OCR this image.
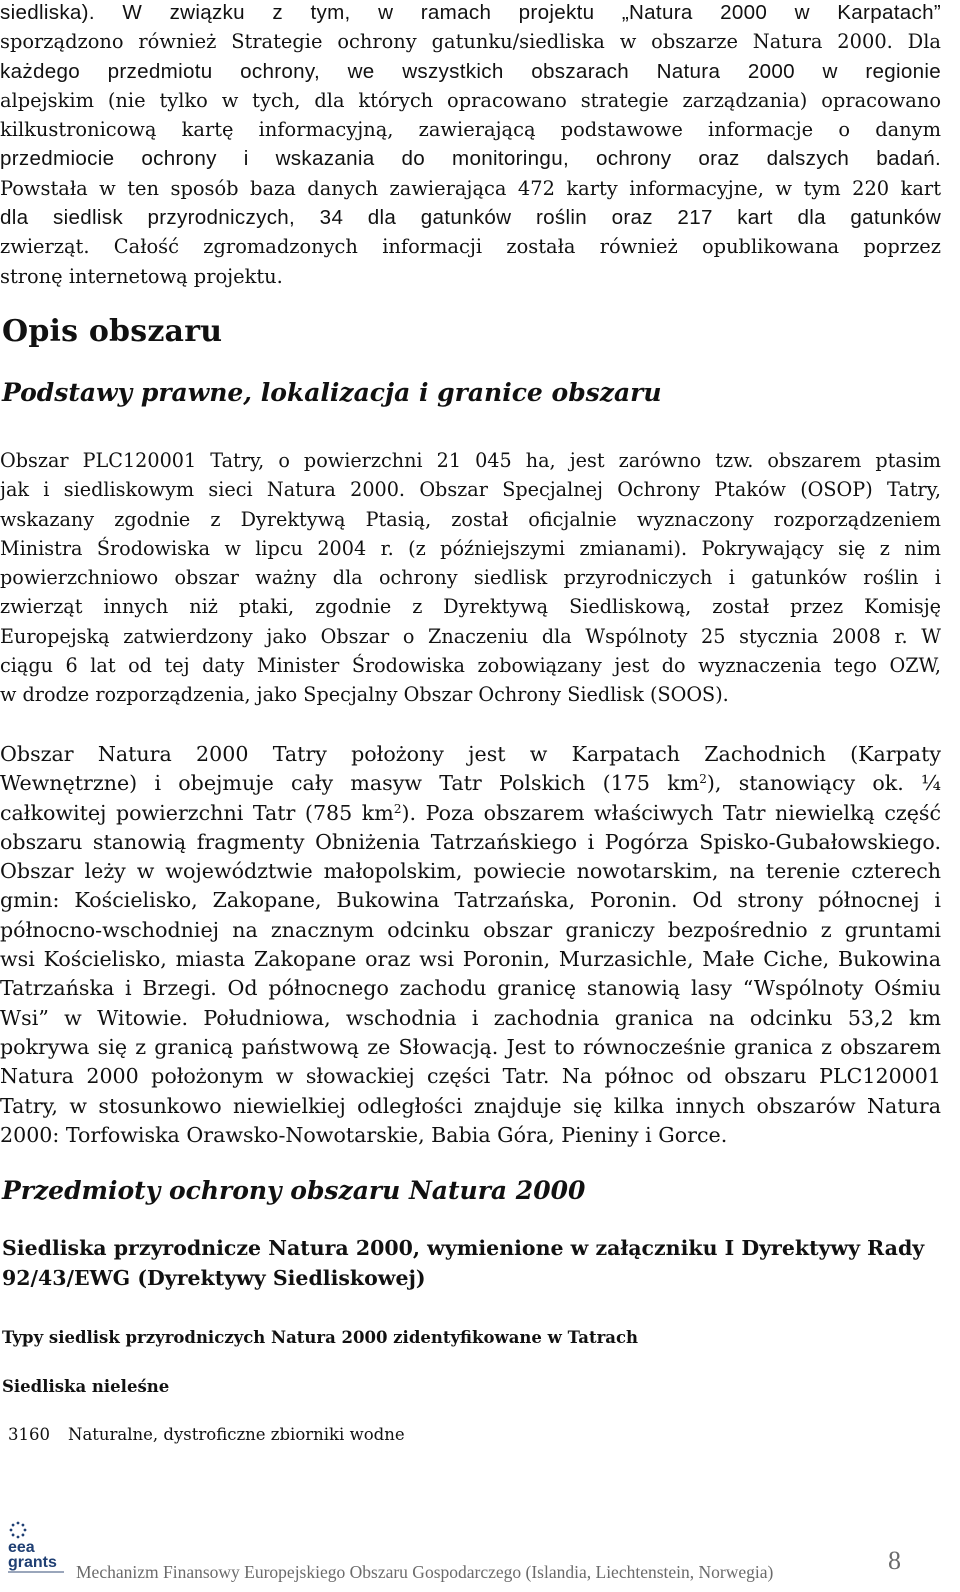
siedliska). W związku z tym, w ramach projektu „Natura 2000 w Karpatach”
sporządzono również Strategie ochrony gatunku/siedliska w obszarze Natura 2000. Dla
każdego przedmiotu ochrony, we wszystkich obszarach Natura 2000 w regionie
alpejskim (nie tylko w tych, dla których opracowano strategie zarządzania) opracowano
kilkustronicową kartę informacyjną, zawierającą podstawowe informacje o danym
przedmiocie ochrony i wskazania do monitoringu, ochrony oraz dalszych badań.
Powstała w ten sposób baza danych zawierająca 472 karty informacyjne, w tym 220 kart
dla siedlisk przyrodniczych, 34 dla gatunków roślin oraz 217 kart dla gatunków
zwierząt. Całość zgromadzonych informacji została również opublikowana poprzez
stronę internetową projektu.
Opis obszaru
Podstawy prawne, lokalizacja i granice obszaru
Obszar PLC120001 Tatry, o powierzchni 21 045 ha, jest zarówno tzw. obszarem ptasim
jak i siedliskowym sieci Natura 2000. Obszar Specjalnej Ochrony Ptaków (OSOP) Tatry,
wskazany zgodnie z Dyrektywą Ptasią, został oficjalnie wyznaczony rozporządzeniem
Ministra Środowiska w lipcu 2004 r. (z późniejszymi zmianami). Pokrywający się z nim
powierzchniowo obszar ważny dla ochrony siedlisk przyrodniczych i gatunków roślin i
zwierząt innych niż ptaki, zgodnie z Dyrektywą Siedliskową, został przez Komisję
Europejską zatwierdzony jako Obszar o Znaczeniu dla Wspólnoty 25 stycznia 2008 r. W
ciągu 6 lat od tej daty Minister Środowiska zobowiązany jest do wyznaczenia tego OZW,
w drodze rozporządzenia, jako Specjalny Obszar Ochrony Siedlisk (SOOS).
Obszar Natura 2000 Tatry położony jest w Karpatach Zachodnich (Karpaty
Wewnętrzne) i obejmuje cały masyw Tatr Polskich (175 $km^2$), stanowiący ok. ¼
całkowitej powierzchni Tatr (785 $km^2$). Poza obszarem właściwych Tatr niewielką część
obszaru stanowią fragmenty Obniżenia Tatrzańskiego i Pogórza Spisko-Gubałowskiego.
Obszar leży w województwie małopolskim, powiecie nowotarskim, na terenie czterech
gmin: Kościelisko, Zakopane, Bukowina Tatrzańska, Poronin. Od strony północnej i
północno-wschodniej na znacznym odcinku obszar graniczy bezpośrednio z gruntami
wsi Kościelisko, miasta Zakopane oraz wsi Poronin, Murzasichle, Małe Ciche, Bukowina
Tatrzańska i Brzegi. Od północnego zachodu granicę stanowią lasy “Wspólnoty Ośmiu
Wsi” w Witowie. Południowa, wschodnia i zachodnia granica na odcinku 53,2 km
pokrywa się z granicą państwową ze Słowacją. Jest to równocześnie granica z obszarem
Natura 2000 położonym w słowackiej części Tatr. Na północ od obszaru PLC120001
Tatry, w stosunkowo niewielkiej odległości znajduje się kilka innych obszarów Natura
2000: Torfowiska Orawsko-Nowotarskie, Babia Góra, Pieniny i Gorce.
Przedmioty ochrony obszaru Natura 2000
Siedliska przyrodnicze Natura 2000, wymienione w załączniku I Dyrektywy Rady
92/43/EWG (Dyrektywy Siedliskowej)
Typy siedlisk przyrodniczych Natura 2000 zidentyfikowane w Tatrach
Siedliska nieleśne
3160 Naturalne, dystroficzne zbiorniki wodne
eea
grants Mechanizm Finansowy Europejskiego Obszaru Gospodarczego (Islandia, Liechtenstein, Norwegia)	8
